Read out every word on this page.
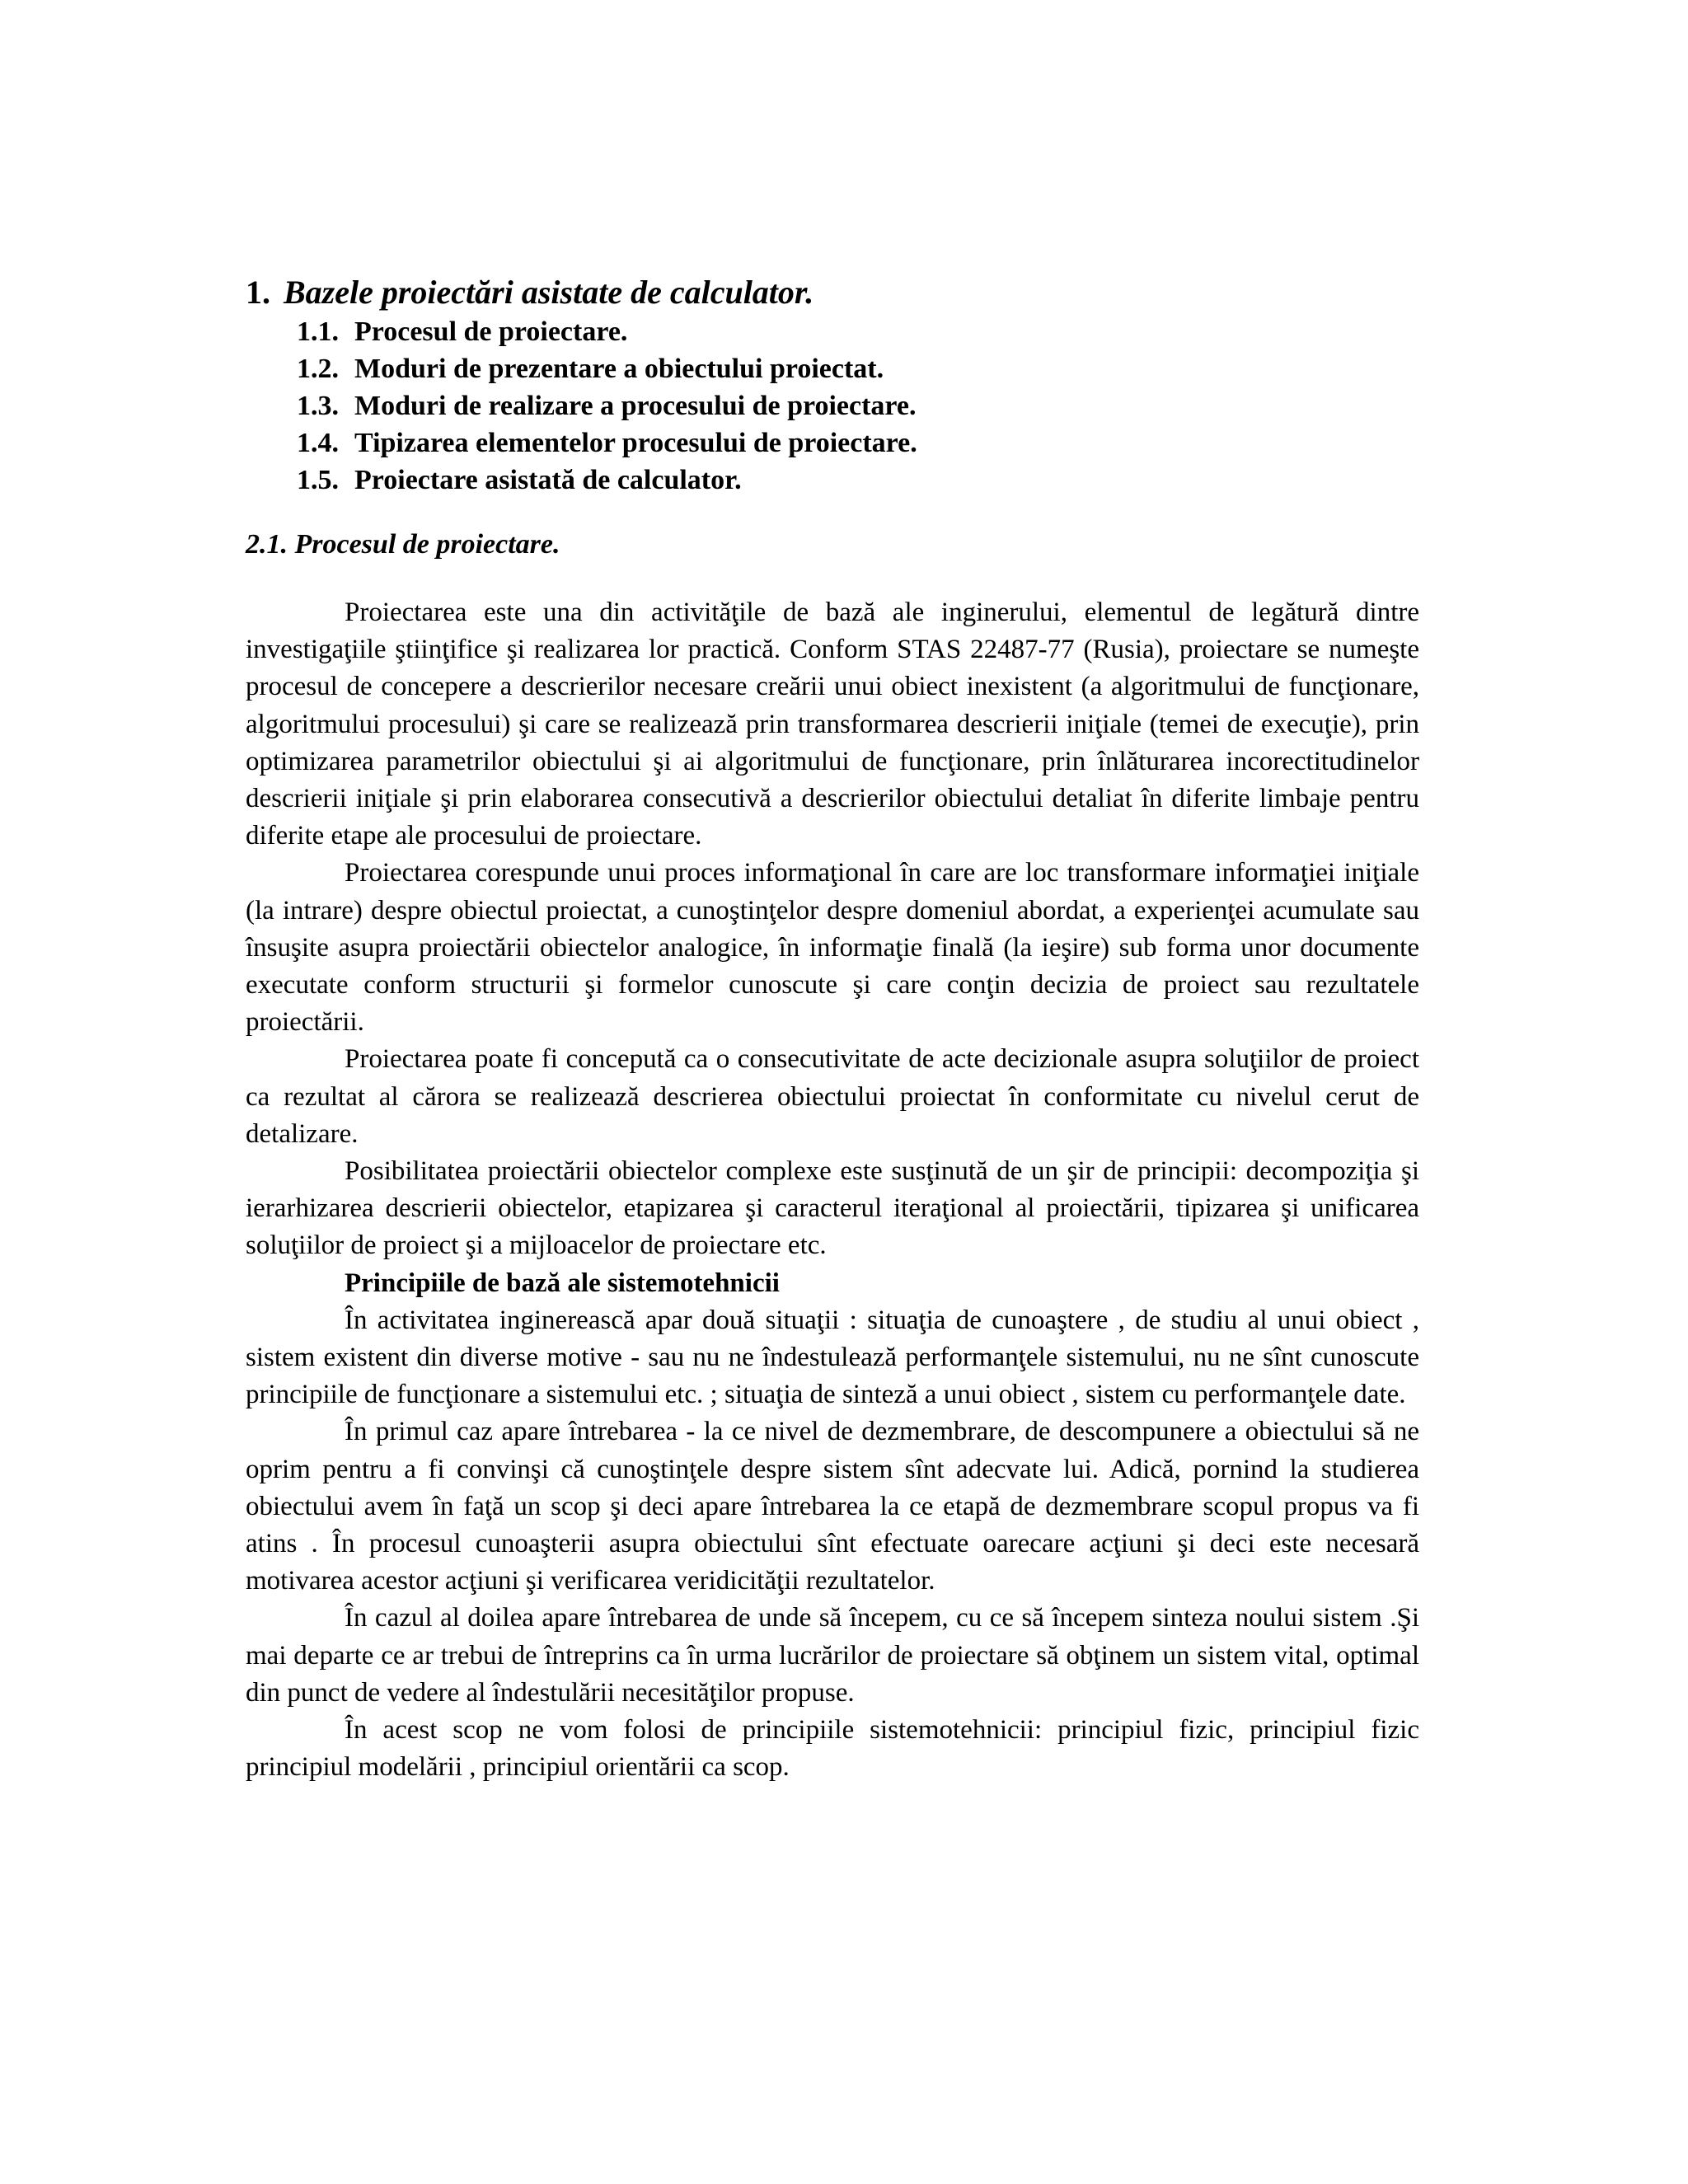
1. Bazele proiectări asistate de calculator.
1.1. Procesul de proiectare.
1.2. Moduri de prezentare a obiectului proiectat.
1.3. Moduri de realizare a procesului de proiectare.
1.4. Tipizarea elementelor procesului de proiectare.
1.5. Proiectare asistată de calculator.
2.1. Procesul de proiectare.

Proiectarea este una din activităţile de bază ale inginerului, elementul de legătură dintre investigaţiile ştiinţifice şi realizarea lor practică. Conform STAS 22487-77 (Rusia), proiectare se numeşte procesul de concepere a descrierilor necesare creării unui obiect inexistent (a algoritmului de funcţionare, algoritmului procesului) şi care se realizează prin transformarea descrierii iniţiale (temei de execuţie), prin optimizarea parametrilor obiectului şi ai algoritmului de funcţionare, prin înlăturarea incorectitudinelor descrierii iniţiale şi prin elaborarea consecutivă a descrierilor obiectului detaliat în diferite limbaje pentru diferite etape ale procesului de proiectare.

Proiectarea corespunde unui proces informaţional în care are loc transformare informaţiei iniţiale (la intrare) despre obiectul proiectat, a cunoştinţelor despre domeniul abordat, a experienţei acumulate sau însuşite asupra proiectării obiectelor analogice, în informaţie finală (la ieşire) sub forma unor documente executate conform structurii şi formelor cunoscute şi care conţin decizia de proiect sau rezultatele proiectării.

Proiectarea poate fi concepută ca o consecutivitate de acte decizionale asupra soluţiilor de proiect ca rezultat al cărora se realizează descrierea obiectului proiectat în conformitate cu nivelul cerut de detalizare.

Posibilitatea proiectării obiectelor complexe este susţinută de un şir de principii: decompoziţia şi ierarhizarea descrierii obiectelor, etapizarea şi caracterul iteraţional al proiectării, tipizarea şi unificarea soluţiilor de proiect şi a mijloacelor de proiectare etc.

Principiile de bază ale sistemotehnicii

În activitatea inginerească apar două situaţii : situaţia de cunoaştere , de studiu al unui obiect , sistem existent din diverse motive - sau nu ne îndestulează performanţele sistemului, nu ne sînt cunoscute principiile de funcţionare a sistemului etc. ; situaţia de sinteză a unui obiect , sistem cu performanţele date.

În primul caz apare întrebarea - la ce nivel de dezmembrare, de descompunere a obiectului să ne oprim pentru a fi convinşi că cunoştinţele despre sistem sînt adecvate lui. Adică, pornind la studierea obiectului avem în faţă un scop şi deci apare întrebarea la ce etapă de dezmembrare scopul propus va fi atins . În procesul cunoaşterii asupra obiectului sînt efectuate oarecare acţiuni şi deci este necesară motivarea acestor acţiuni şi verificarea veridicităţii rezultatelor.

În cazul al doilea apare întrebarea de unde să începem, cu ce să începem sinteza noului sistem .Şi mai departe ce ar trebui de întreprins ca în urma lucrărilor de proiectare să obţinem un sistem vital, optimal din punct de vedere al îndestulării necesităţilor propuse.

În acest scop ne vom folosi de principiile sistemotehnicii: principiul fizic, principiul fizic principiul modelării , principiul orientării ca scop.
